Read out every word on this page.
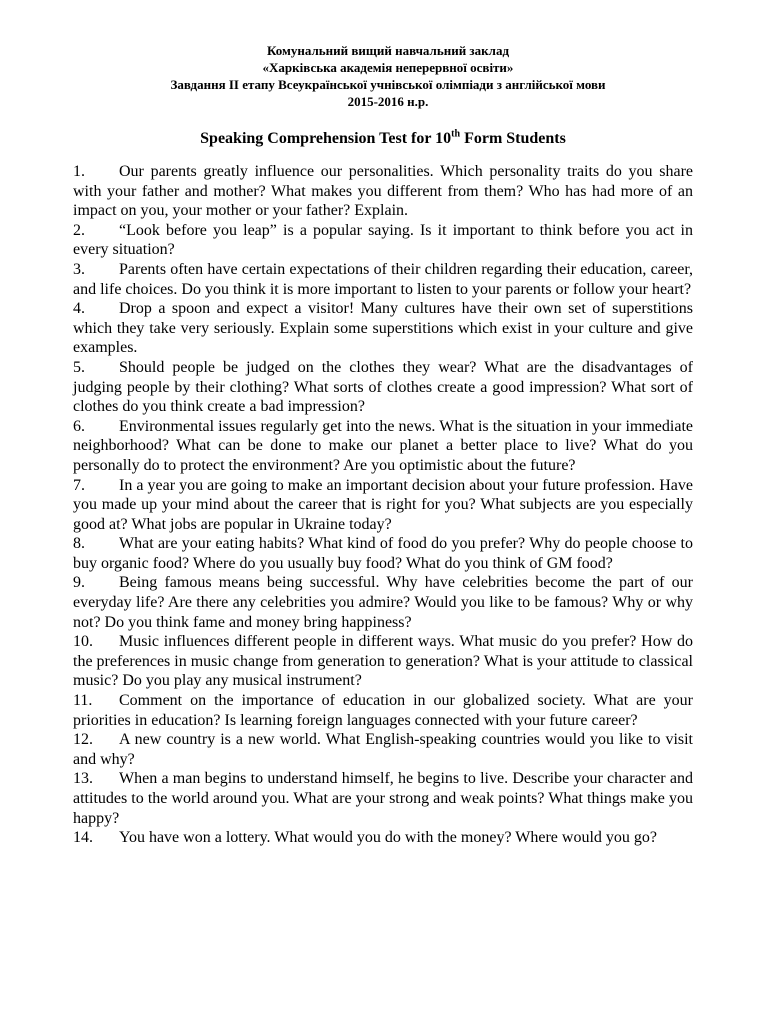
Комунальний вищий навчальний заклад
«Харківська академія неперервної освіти»
Завдання ІІ етапу Всеукраїнської учнівської олімпіади з англійської мови
2015-2016 н.р.
Speaking Comprehension Test for 10th Form Students

1. Our parents greatly influence our personalities. Which personality traits do you share with your father and mother? What makes you different from them? Who has had more of an impact on you, your mother or your father? Explain.

2. “Look before you leap” is a popular saying. Is it important to think before you act in every situation?

3. Parents often have certain expectations of their children regarding their education, career, and life choices. Do you think it is more important to listen to your parents or follow your heart?

4. Drop a spoon and expect a visitor! Many cultures have their own set of superstitions which they take very seriously. Explain some superstitions which exist in your culture and give examples.

5. Should people be judged on the clothes they wear? What are the disadvantages of judging people by their clothing? What sorts of clothes create a good impression? What sort of clothes do you think create a bad impression?

6. Environmental issues regularly get into the news. What is the situation in your immediate neighborhood? What can be done to make our planet a better place to live? What do you personally do to protect the environment? Are you optimistic about the future?

7. In a year you are going to make an important decision about your future profession. Have you made up your mind about the career that is right for you? What subjects are you especially good at? What jobs are popular in Ukraine today?

8. What are your eating habits? What kind of food do you prefer? Why do people choose to buy organic food? Where do you usually buy food? What do you think of GM food?

9. Being famous means being successful. Why have celebrities become the part of our everyday life? Are there any celebrities you admire? Would you like to be famous? Why or why not? Do you think fame and money bring happiness?

10. Music influences different people in different ways. What music do you prefer? How do the preferences in music change from generation to generation? What is your attitude to classical music? Do you play any musical instrument?

11. Comment on the importance of education in our globalized society. What are your priorities in education? Is learning foreign languages connected with your future career?

12. A new country is a new world. What English-speaking countries would you like to visit and why?

13. When a man begins to understand himself, he begins to live. Describe your character and attitudes to the world around you. What are your strong and weak points? What things make you happy?

14. You have won a lottery. What would you do with the money? Where would you go?
